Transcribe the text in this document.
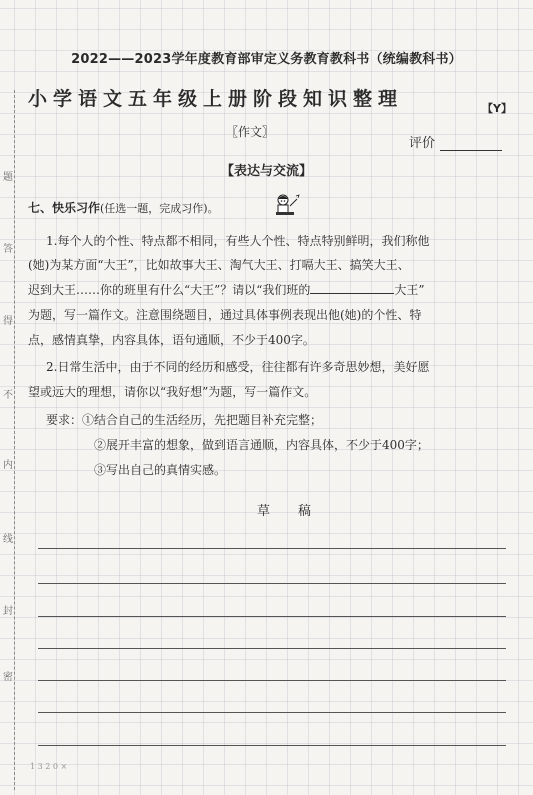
题
答
得
不
内
线
封
密
2022——2023学年度教育部审定义务教育教科书（统编教科书）
小学语文五年级上册阶段知识整理	【Y】
〖作文〗
评价
【表达与交流】
七、快乐习作(任选一题，完成习作)。
1.每个人的个性、特点都不相同，有些人个性、特点特别鲜明，我们称他
(她)为某方面“大王”，比如故事大王、淘气大王、打嗝大王、搞笑大王、
迟到大王……你的班里有什么“大王”？请以“我们班的	大王”
为题，写一篇作文。注意围绕题目，通过具体事例表现出他(她)的个性、特
点，感情真挚，内容具体，语句通顺，不少于400字。
2.日常生活中，由于不同的经历和感受，往往都有许多奇思妙想，美好愿
望或远大的理想，请你以“我好想”为题，写一篇作文。
要求：①结合自己的生活经历，先把题目补充完整；
②展开丰富的想象，做到语言通顺，内容具体，不少于400字；
③写出自己的真情实感。
草稿
1 3 2 0 ×
